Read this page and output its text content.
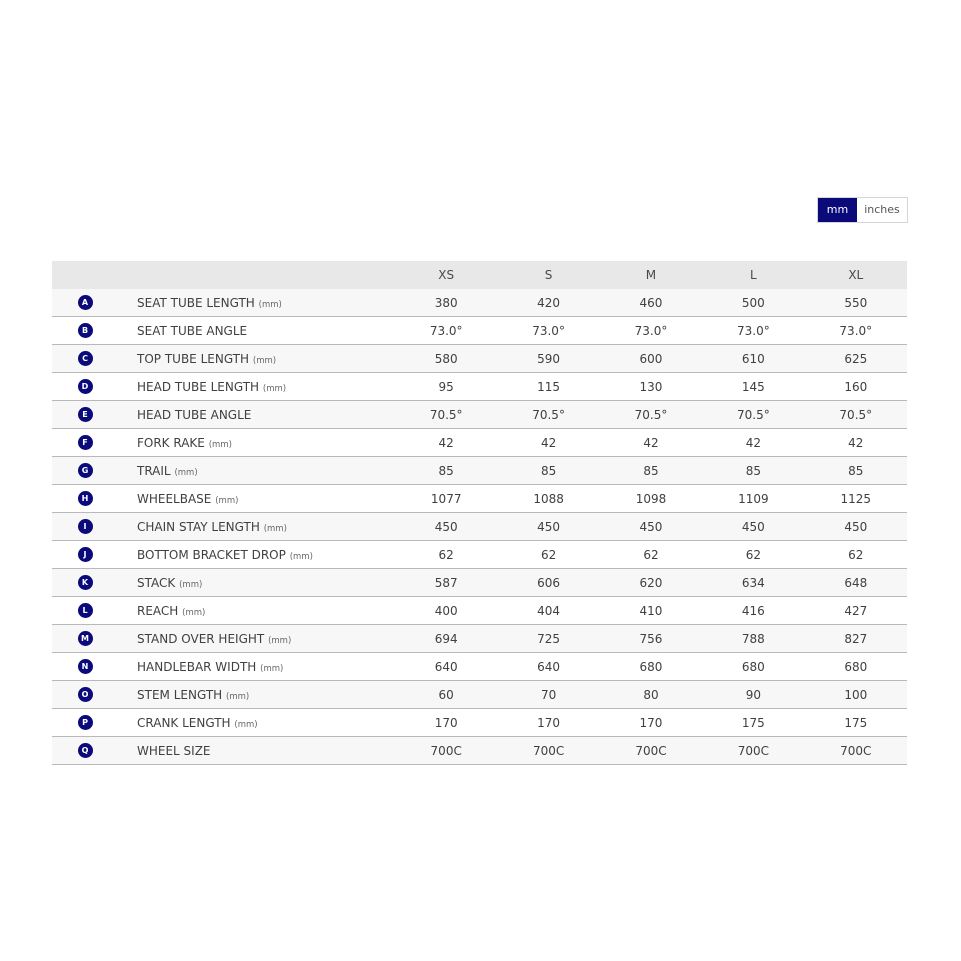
mm	inches
		XS	S	M	L	XL
A	SEAT TUBE LENGTH (mm)	380	420	460	500	550
B	SEAT TUBE ANGLE	73.0°	73.0°	73.0°	73.0°	73.0°
C	TOP TUBE LENGTH (mm)	580	590	600	610	625
D	HEAD TUBE LENGTH (mm)	95	115	130	145	160
E	HEAD TUBE ANGLE	70.5°	70.5°	70.5°	70.5°	70.5°
F	FORK RAKE (mm)	42	42	42	42	42
G	TRAIL (mm)	85	85	85	85	85
H	WHEELBASE (mm)	1077	1088	1098	1109	1125
I	CHAIN STAY LENGTH (mm)	450	450	450	450	450
J	BOTTOM BRACKET DROP (mm)	62	62	62	62	62
K	STACK (mm)	587	606	620	634	648
L	REACH (mm)	400	404	410	416	427
M	STAND OVER HEIGHT (mm)	694	725	756	788	827
N	HANDLEBAR WIDTH (mm)	640	640	680	680	680
O	STEM LENGTH (mm)	60	70	80	90	100
P	CRANK LENGTH (mm)	170	170	170	175	175
Q	WHEEL SIZE	700C	700C	700C	700C	700C
